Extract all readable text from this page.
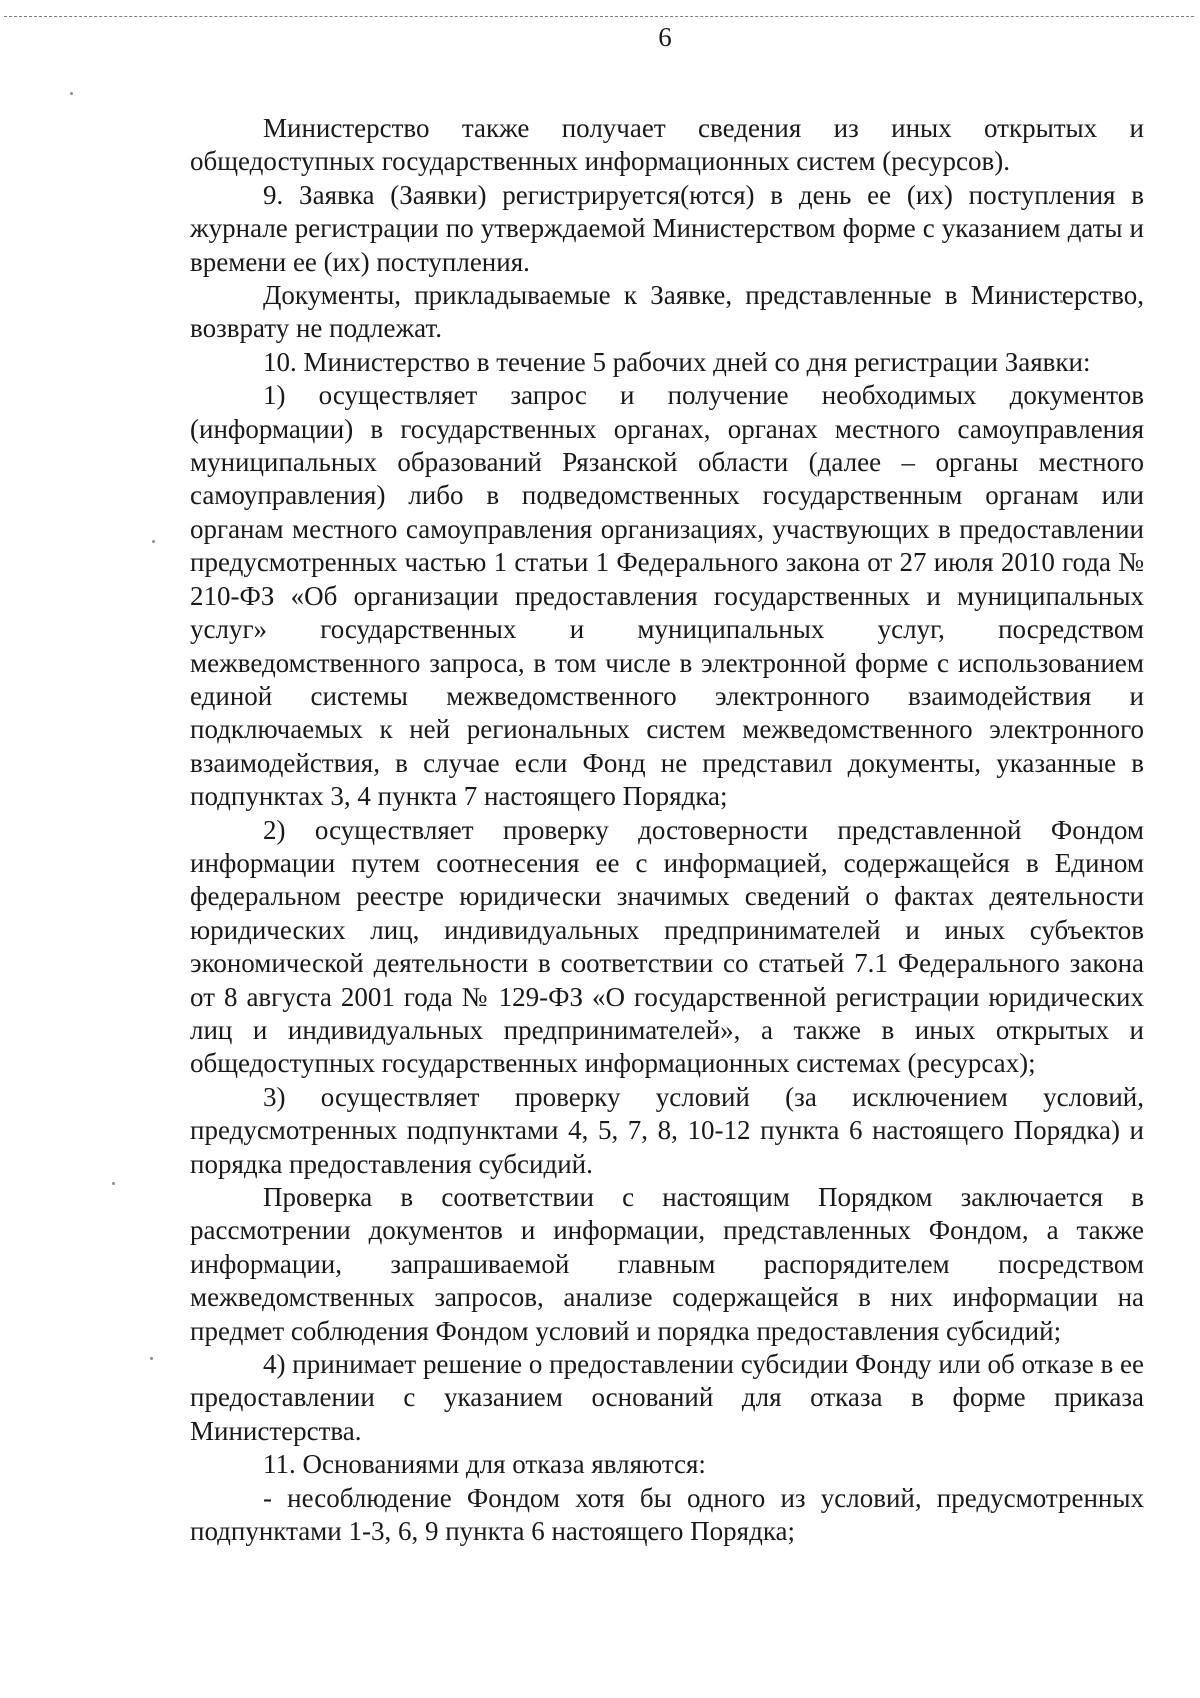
6

Министерство также получает сведения из иных открытых и общедоступных государственных информационных систем (ресурсов).

9. Заявка (Заявки) регистрируется(ются) в день ее (их) поступления в журнале регистрации по утверждаемой Министерством форме с указанием даты и времени ее (их) поступления.

Документы, прикладываемые к Заявке, представленные в Министерство, возврату не подлежат.

10. Министерство в течение 5 рабочих дней со дня регистрации Заявки:

1) осуществляет запрос и получение необходимых документов (информации) в государственных органах, органах местного самоуправления муниципальных образований Рязанской области (далее – органы местного самоуправления) либо в подведомственных государственным органам или органам местного самоуправления организациях, участвующих в предоставлении предусмотренных частью 1 статьи 1 Федерального закона от 27 июля 2010 года № 210-ФЗ «Об организации предоставления государственных и муниципальных услуг» государственных и муниципальных услуг, посредством межведомственного запроса, в том числе в электронной форме с использованием единой системы межведомственного электронного взаимодействия и подключаемых к ней региональных систем межведомственного электронного взаимодействия, в случае если Фонд не представил документы, указанные в подпунктах 3, 4 пункта 7 настоящего Порядка;

2) осуществляет проверку достоверности представленной Фондом информации путем соотнесения ее с информацией, содержащейся в Едином федеральном реестре юридически значимых сведений о фактах деятельности юридических лиц, индивидуальных предпринимателей и иных субъектов экономической деятельности в соответствии со статьей 7.1 Федерального закона от 8 августа 2001 года № 129-ФЗ «О государственной регистрации юридических лиц и индивидуальных предпринимателей», а также в иных открытых и общедоступных государственных информационных системах (ресурсах);

3) осуществляет проверку условий (за исключением условий, предусмотренных подпунктами 4, 5, 7, 8, 10-12 пункта 6 настоящего Порядка) и порядка предоставления субсидий.

Проверка в соответствии с настоящим Порядком заключается в рассмотрении документов и информации, представленных Фондом, а также информации, запрашиваемой главным распорядителем посредством межведомственных запросов, анализе содержащейся в них информации на предмет соблюдения Фондом условий и порядка предоставления субсидий;

4) принимает решение о предоставлении субсидии Фонду или об отказе в ее предоставлении с указанием оснований для отказа в форме приказа Министерства.

11. Основаниями для отказа являются:

- несоблюдение Фондом хотя бы одного из условий, предусмотренных подпунктами 1-3, 6, 9 пункта 6 настоящего Порядка;
